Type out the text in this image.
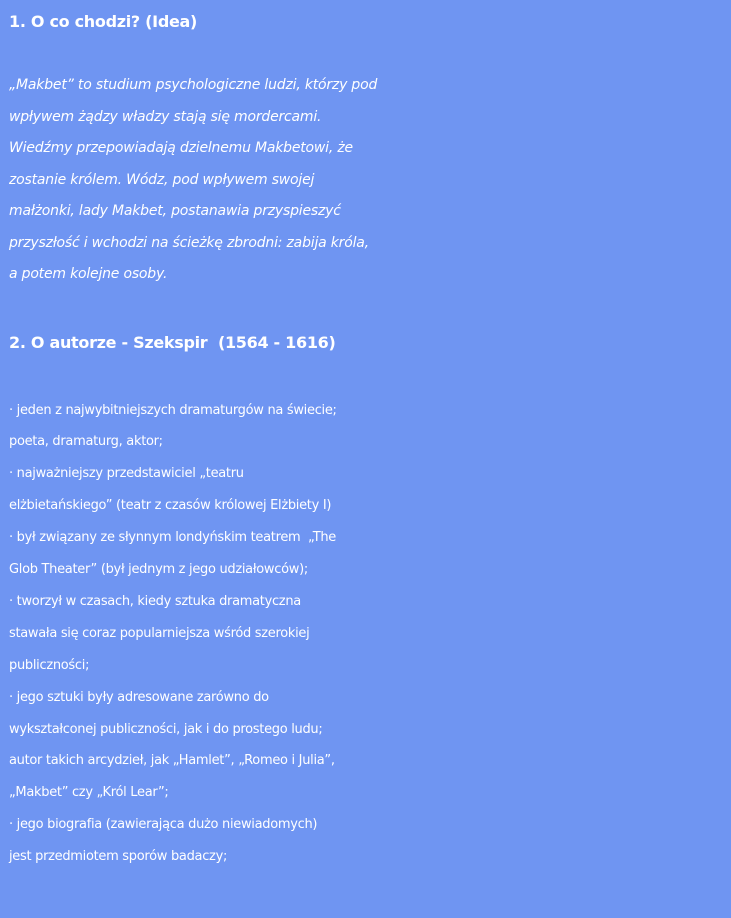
1. O co chodzi? (Idea)
„Makbet” to studium psychologiczne ludzi, którzy pod
wpływem żądzy władzy stają się mordercami.
Wiedźmy przepowiadają dzielnemu Makbetowi, że
zostanie królem. Wódz, pod wpływem swojej
małżonki, lady Makbet, postanawia przyspieszyć
przyszłość i wchodzi na ścieżkę zbrodni: zabija króla,
a potem kolejne osoby.
2. O autorze - Szekspir  (1564 - 1616)
· jeden z najwybitniejszych dramaturgów na świecie;
poeta, dramaturg, aktor;
· najważniejszy przedstawiciel „teatru
elżbietańskiego” (teatr z czasów królowej Elżbiety I)
· był związany ze słynnym londyńskim teatrem  „The
Glob Theater” (był jednym z jego udziałowców);
· tworzył w czasach, kiedy sztuka dramatyczna
stawała się coraz popularniejsza wśród szerokiej
publiczności;
· jego sztuki były adresowane zarówno do
wykształconej publiczności, jak i do prostego ludu;
autor takich arcydzieł, jak „Hamlet”, „Romeo i Julia”,
„Makbet” czy „Król Lear”;
· jego biografia (zawierająca dużo niewiadomych)
jest przedmiotem sporów badaczy;
